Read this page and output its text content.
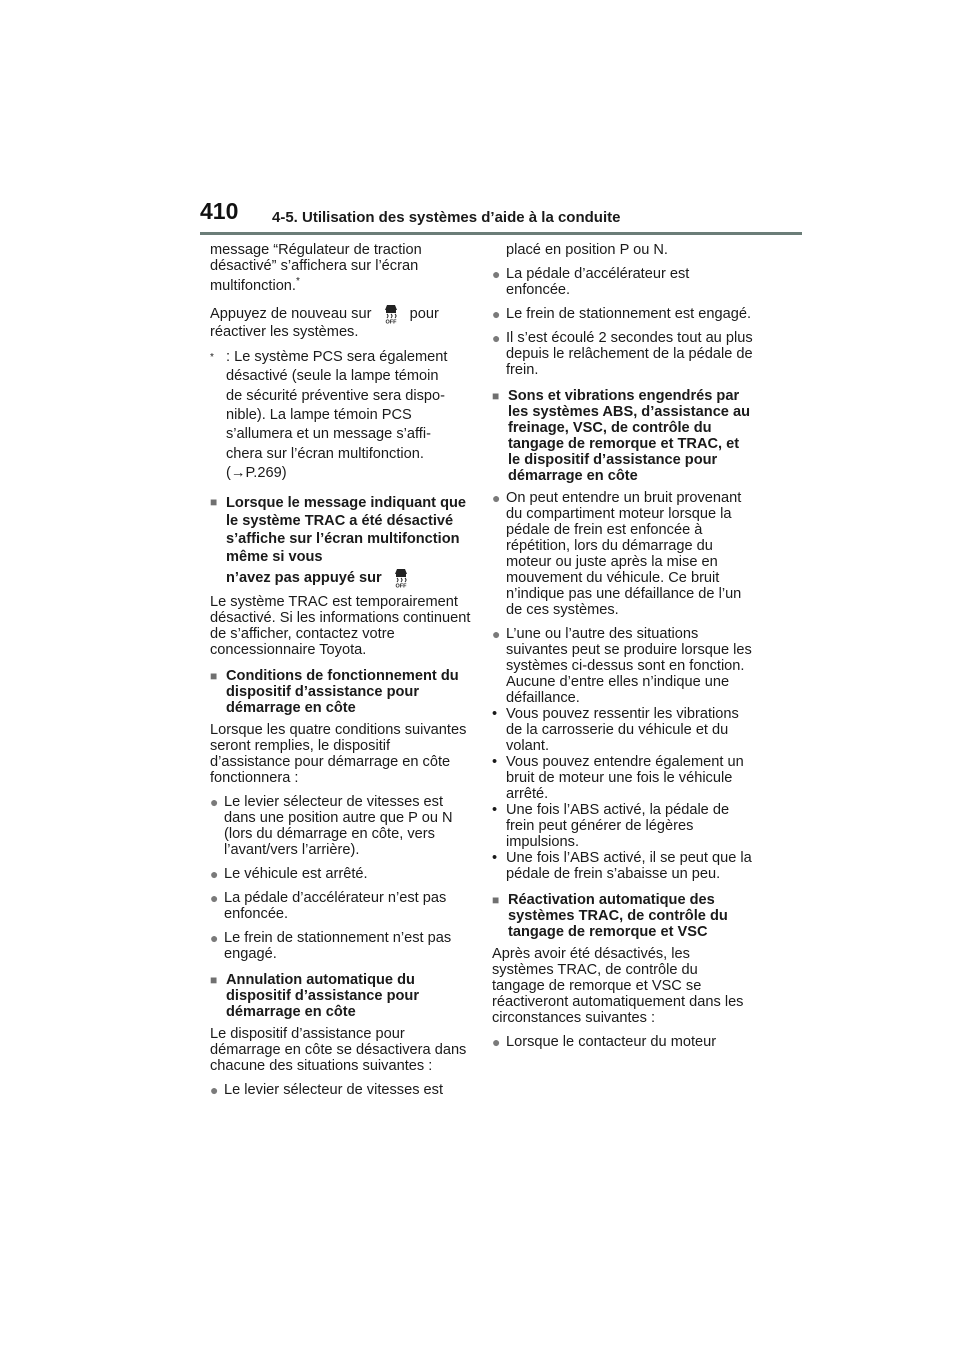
410 4-5. Utilisation des systèmes d’aide à la conduite

message “Régulateur de traction désactivé” s’affichera sur l’écran multifonction.*

Appuyez de nouveau sur
OFF
pour réactiver les systèmes.

* : Le système PCS sera également
désactivé (seule la lampe témoin
de sécurité préventive sera dispo-
nible). La lampe témoin PCS
s’allumera et un message s’affi-
chera sur l’écran multifonction.
(→P.269)
■ Lorsque le message indiquant que le système TRAC a été désactivé s’affiche sur l’écran multifonction même si vous
n’avez pas appuyé sur
OFF

Le système TRAC est temporairement désactivé. Si les informations continuent de s’afficher, contactez votre concessionnaire Toyota.

■ Conditions de fonctionnement du dispositif d’assistance pour démarrage en côte

Lorsque les quatre conditions suivantes seront remplies, le dispositif d’assistance pour démarrage en côte fonctionnera :

● Le levier sélecteur de vitesses est dans une position autre que P ou N (lors du démarrage en côte, vers l’avant/vers l’arrière).
● Le véhicule est arrêté.
● La pédale d’accélérateur n’est pas enfoncée.
● Le frein de stationnement n’est pas engagé.
■ Annulation automatique du dispositif d’assistance pour démarrage en côte

Le dispositif d’assistance pour démarrage en côte se désactivera dans chacune des situations suivantes :

● Le levier sélecteur de vitesses est

placé en position P ou N.

● La pédale d’accélérateur est enfoncée.
● Le frein de stationnement est engagé.
● Il s’est écoulé 2 secondes tout au plus depuis le relâchement de la pédale de frein.
■ Sons et vibrations engendrés par les systèmes ABS, d’assistance au freinage, VSC, de contrôle du tangage de remorque et TRAC, et le dispositif d’assistance pour démarrage en côte
● On peut entendre un bruit provenant du compartiment moteur lorsque la pédale de frein est enfoncée à répétition, lors du démarrage du moteur ou juste après la mise en mouvement du véhicule. Ce bruit n’indique pas une défaillance de l’un de ces systèmes.
● L’une ou l’autre des situations suivantes peut se produire lorsque les systèmes ci-dessus sont en fonction. Aucune d’entre elles n’indique une défaillance.
• Vous pouvez ressentir les vibrations de la carrosserie du véhicule et du volant.
• Vous pouvez entendre également un bruit de moteur une fois le véhicule arrêté.
• Une fois l’ABS activé, la pédale de frein peut générer de légères impulsions.
• Une fois l’ABS activé, il se peut que la pédale de frein s’abaisse un peu.
■ Réactivation automatique des systèmes TRAC, de contrôle du tangage de remorque et VSC

Après avoir été désactivés, les systèmes TRAC, de contrôle du tangage de remorque et VSC se réactiveront automatiquement dans les circonstances suivantes :

● Lorsque le contacteur du moteur
